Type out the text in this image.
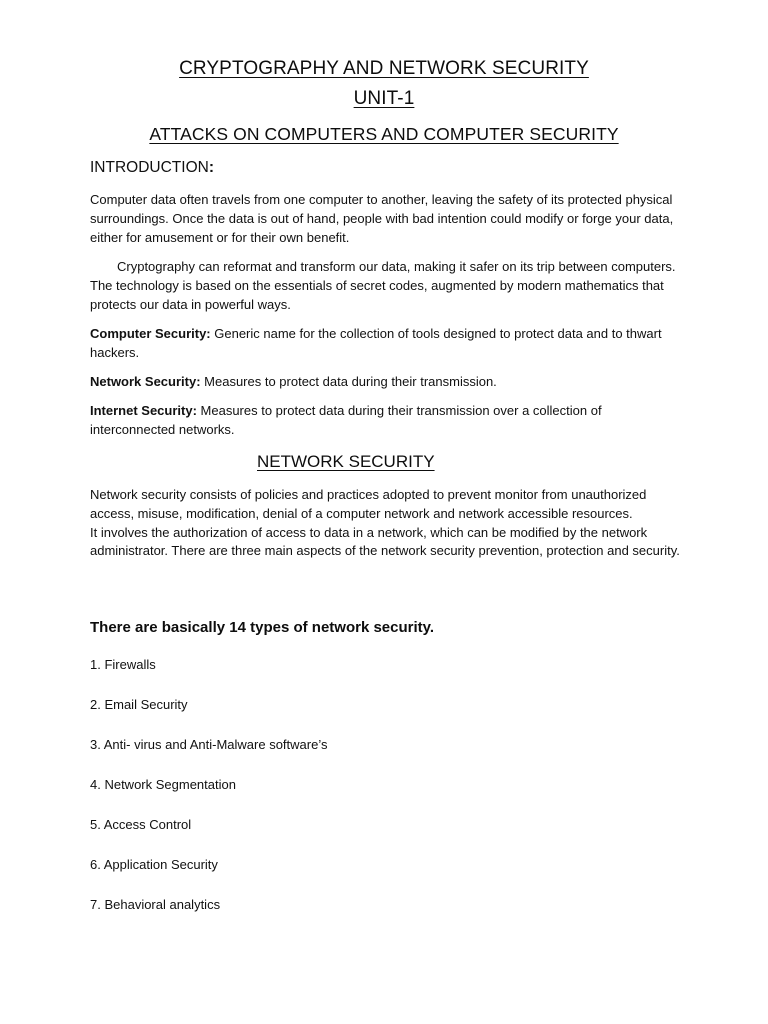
CRYPTOGRAPHY AND NETWORK SECURITY
UNIT-1
ATTACKS ON COMPUTERS AND COMPUTER SECURITY
INTRODUCTION:
Computer data often travels from one computer to another, leaving the safety of its protected physical surroundings. Once the data is out of hand, people with bad intention could modify or forge your data, either for amusement or for their own benefit.
Cryptography can reformat and transform our data, making it safer on its trip between computers. The technology is based on the essentials of secret codes, augmented by modern mathematics that protects our data in powerful ways.
Computer Security: Generic name for the collection of tools designed to protect data and to thwart hackers.
Network Security: Measures to protect data during their transmission.
Internet Security: Measures to protect data during their transmission over a collection of interconnected networks.
NETWORK SECURITY
Network security consists of policies and practices adopted to prevent monitor from unauthorized access, misuse, modification, denial of a computer network and network accessible resources.
It involves the authorization of access to data in a network, which can be modified by the network administrator. There are three main aspects of the network security prevention, protection and security.
There are basically 14 types of network security.
1. Firewalls
2. Email Security
3. Anti- virus and Anti-Malware software’s
4. Network Segmentation
5. Access Control
6. Application Security
7. Behavioral analytics
